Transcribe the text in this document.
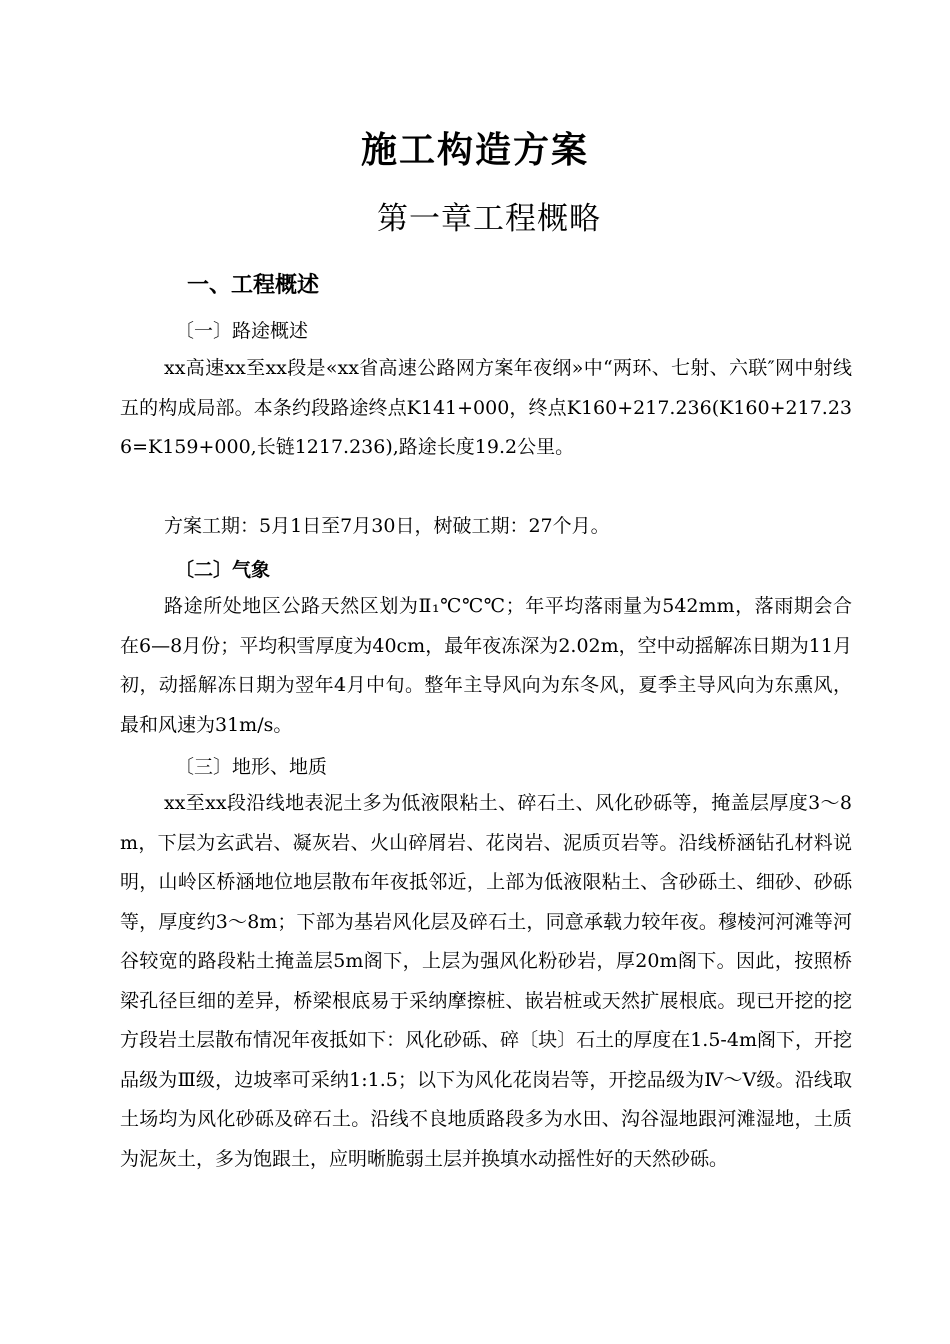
施工构造方案
第一章工程概略
一、工程概述
〔一〕路途概述

xx高速xx至xx段是«xx省高速公路网方案年夜纲»中“两环、七射、六联″网中射线五的构成局部。本条约段路途终点K141+000，终点K160+217.236(K160+217.236=K159+000,长链1217.236),路途长度19.2公里。

方案工期：5月1日至7月30日，树破工期：27个月。

〔二〕气象

路途所处地区公路天然区划为Ⅱ₁℃℃℃；年平均落雨量为542mm，落雨期会合在6—8月份；平均积雪厚度为40cm，最年夜冻深为2.02m，空中动摇解冻日期为11月初，动摇解冻日期为翌年4月中旬。整年主导风向为东冬风，夏季主导风向为东熏风，最和风速为31m/s。

〔三〕地形、地质

xx至xx段沿线地表泥土多为低液限粘土、碎石土、风化砂砾等，掩盖层厚度3～8m，下层为玄武岩、凝灰岩、火山碎屑岩、花岗岩、泥质页岩等。沿线桥涵钻孔材料说明，山岭区桥涵地位地层散布年夜抵邻近，上部为低液限粘土、含砂砾土、细砂、砂砾等，厚度约3～8m；下部为基岩风化层及碎石土，同意承载力较年夜。穆棱河河滩等河谷较宽的路段粘土掩盖层5m阁下，上层为强风化粉砂岩，厚20m阁下。因此，按照桥梁孔径巨细的差异，桥梁根底易于采纳摩擦桩、嵌岩桩或天然扩展根底。现已开挖的挖方段岩土层散布情况年夜抵如下：风化砂砾、碎〔块〕石土的厚度在1.5-4m阁下，开挖品级为Ⅲ级，边坡率可采纳1:1.5；以下为风化花岗岩等，开挖品级为Ⅳ～Ⅴ级。沿线取土场均为风化砂砾及碎石土。沿线不良地质路段多为水田、沟谷湿地跟河滩湿地，土质为泥灰土，多为饱跟土，应明晰脆弱土层并换填水动摇性好的天然砂砾。
